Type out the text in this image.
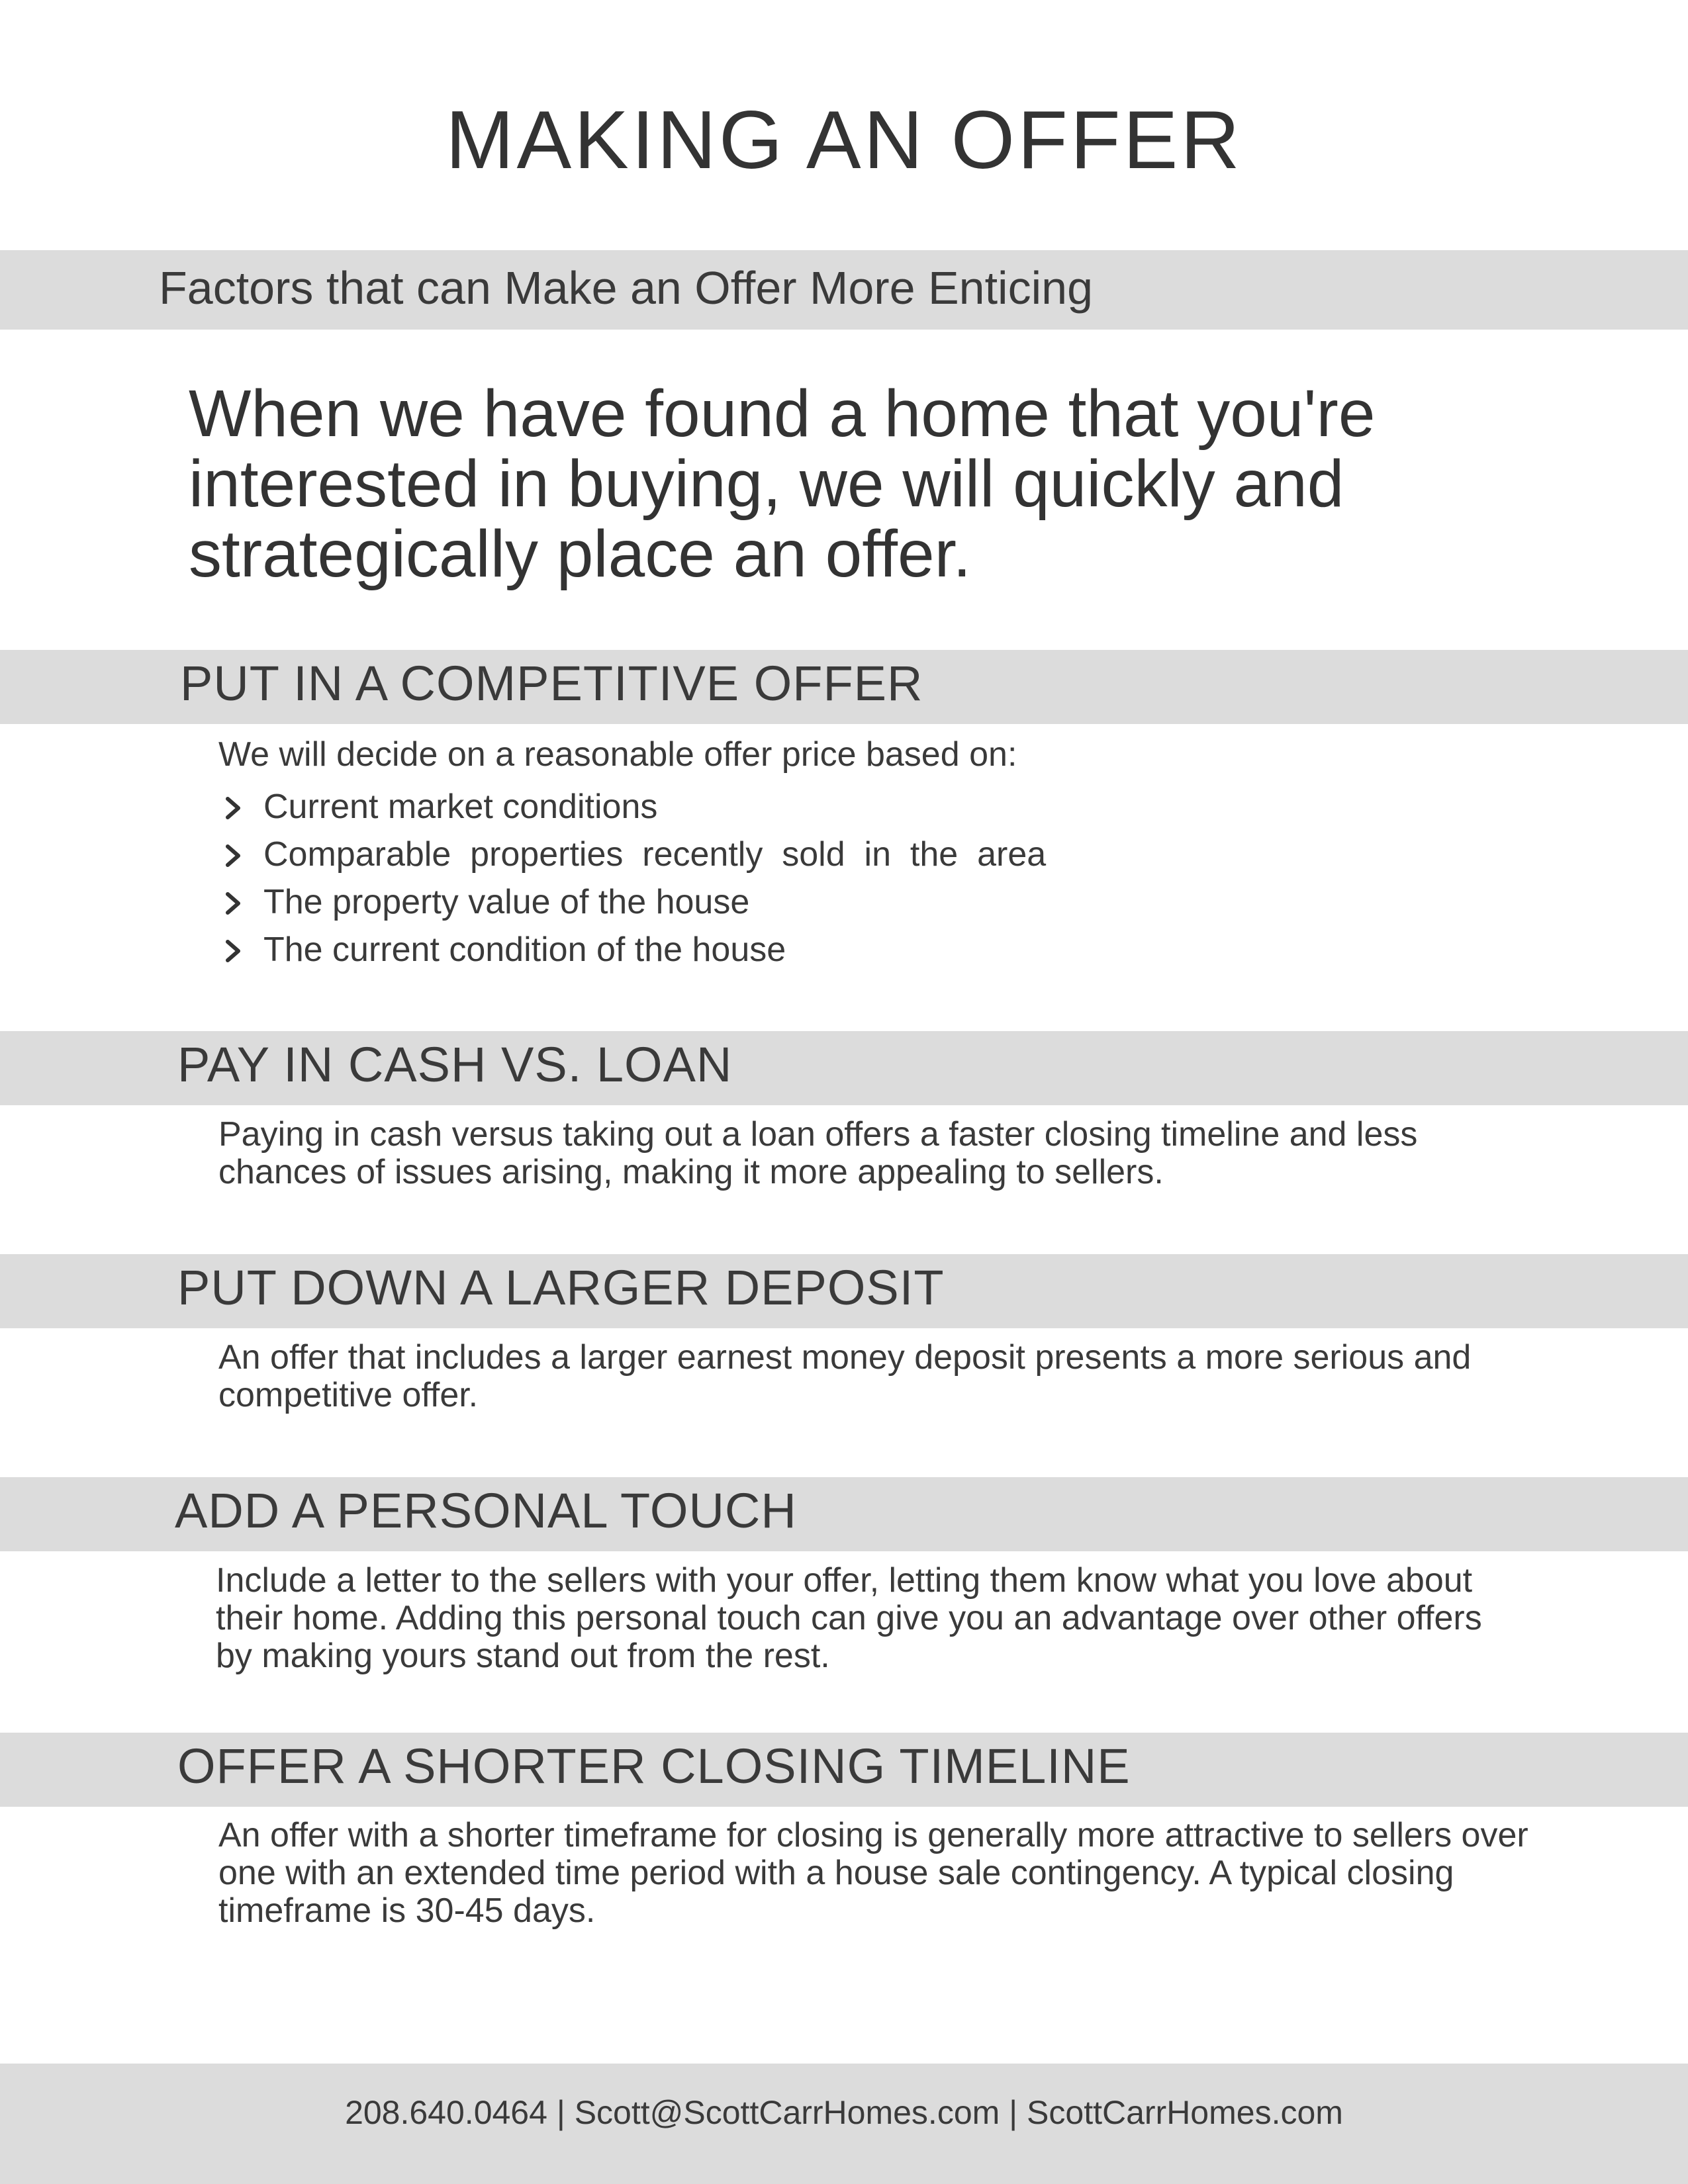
MAKING AN OFFER
Factors that can Make an Offer More Enticing
When we have found a home that you're interested in buying, we will quickly and strategically place an offer.
PUT IN A COMPETITIVE OFFER
We will decide on a reasonable offer price based on:
Current market conditions
Comparable  properties  recently  sold  in  the  area
The property value of the house
The current condition of the house
PAY IN CASH VS. LOAN
Paying in cash versus taking out a loan offers a faster closing timeline and less chances of issues arising, making it more appealing to sellers.
PUT DOWN A LARGER DEPOSIT
An offer that includes a larger earnest money deposit presents a more serious and competitive offer.
ADD A PERSONAL TOUCH
Include a letter to the sellers with your offer, letting them know what you love about their home. Adding this personal touch can give you an advantage over other offers by making yours stand out from the rest.
OFFER A SHORTER CLOSING TIMELINE
An offer with a shorter timeframe for closing is generally more attractive to sellers over one with an extended time period with a house sale contingency. A typical closing timeframe is 30-45 days.
208.640.0464 | Scott@ScottCarrHomes.com | ScottCarrHomes.com
